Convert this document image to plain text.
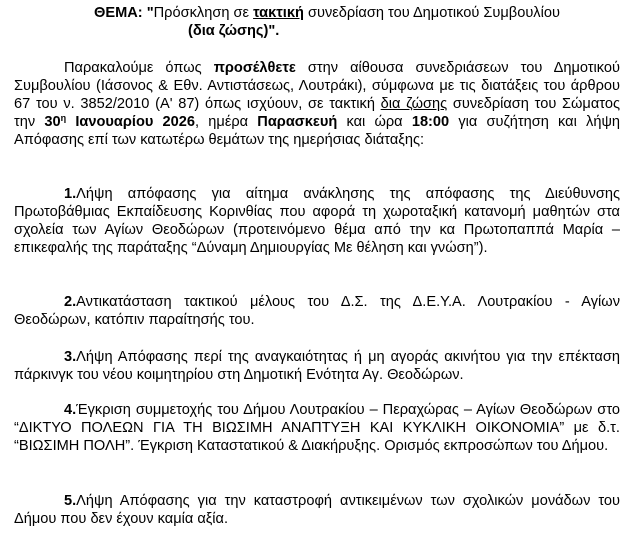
ΘΕΜΑ: "Πρόσκληση σε τακτική συνεδρίαση του Δημοτικού Συμβουλίου
(δια ζώσης)".
Παρακαλούμε όπως προσέλθετε στην αίθουσα συνεδριάσεων του Δημοτικού Συμβουλίου (Ιάσονος & Εθν. Αντιστάσεως, Λουτράκι), σύμφωνα με τις διατάξεις του άρθρου 67 του ν. 3852/2010 (Α' 87) όπως ισχύουν, σε τακτική δια ζώσης συνεδρίαση του Σώματος την $30^\eta$ Ιανουαρίου 2026, ημέρα Παρασκευή και ώρα 18:00 για συζήτηση και λήψη Απόφασης επί των κατωτέρω θεμάτων της ημερήσιας διάταξης:
1.Λήψη απόφασης για αίτημα ανάκλησης της απόφασης της Διεύθυνσης Πρωτοβάθμιας Εκπαίδευσης Κορινθίας που αφορά τη χωροταξική κατανομή μαθητών στα σχολεία των Αγίων Θεοδώρων (προτεινόμενο θέμα από την κα Πρωτοπαππά Μαρία – επικεφαλής της παράταξης “Δύναμη Δημιουργίας Με θέληση και γνώση”).
2.Αντικατάσταση τακτικού μέλους του Δ.Σ. της Δ.Ε.Υ.Α. Λουτρακίου - Αγίων Θεοδώρων, κατόπιν παραίτησής του.
3.Λήψη Απόφασης περί της αναγκαιότητας ή μη αγοράς ακινήτου για την επέκταση πάρκινγκ του νέου κοιμητηρίου στη Δημοτική Ενότητα Αγ. Θεοδώρων.
4.Έγκριση συμμετοχής του Δήμου Λουτρακίου – Περαχώρας – Αγίων Θεοδώρων στο “ΔΙΚΤΥΟ ΠΟΛΕΩΝ ΓΙΑ ΤΗ ΒΙΩΣΙΜΗ ΑΝΑΠΤΥΞΗ ΚΑΙ ΚΥΚΛΙΚΗ ΟΙΚΟΝΟΜΙΑ” με δ.τ. “ΒΙΩΣΙΜΗ ΠΟΛΗ”. Έγκριση Καταστατικού & Διακήρυξης. Ορισμός εκπροσώπων του Δήμου.
5.Λήψη Απόφασης για την καταστροφή αντικειμένων των σχολικών μονάδων του Δήμου που δεν έχουν καμία αξία.
